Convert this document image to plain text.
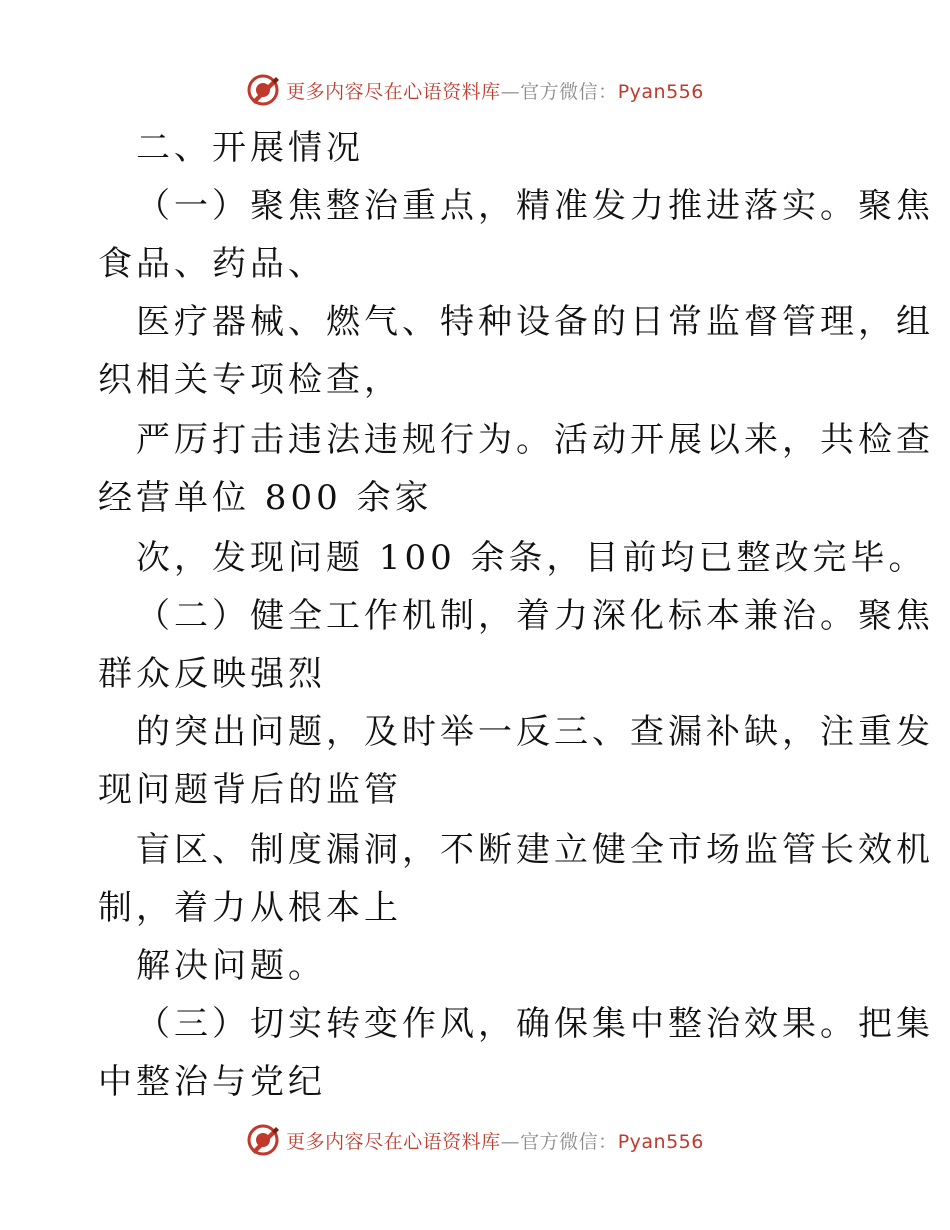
更多内容尽在心语资料库—官方微信：Pyan556
二、开展情况
（一）聚焦整治重点，精准发力推进落实。聚焦
食品、药品、
医疗器械、燃气、特种设备的日常监督管理，组
织相关专项检查，
严厉打击违法违规行为。活动开展以来，共检查
经营单位 800 余家
次，发现问题 100 余条，目前均已整改完毕。
（二）健全工作机制，着力深化标本兼治。聚焦
群众反映强烈
的突出问题，及时举一反三、查漏补缺，注重发
现问题背后的监管
盲区、制度漏洞，不断建立健全市场监管长效机
制，着力从根本上
解决问题。
（三）切实转变作风，确保集中整治效果。把集
中整治与党纪
更多内容尽在心语资料库—官方微信：Pyan556
